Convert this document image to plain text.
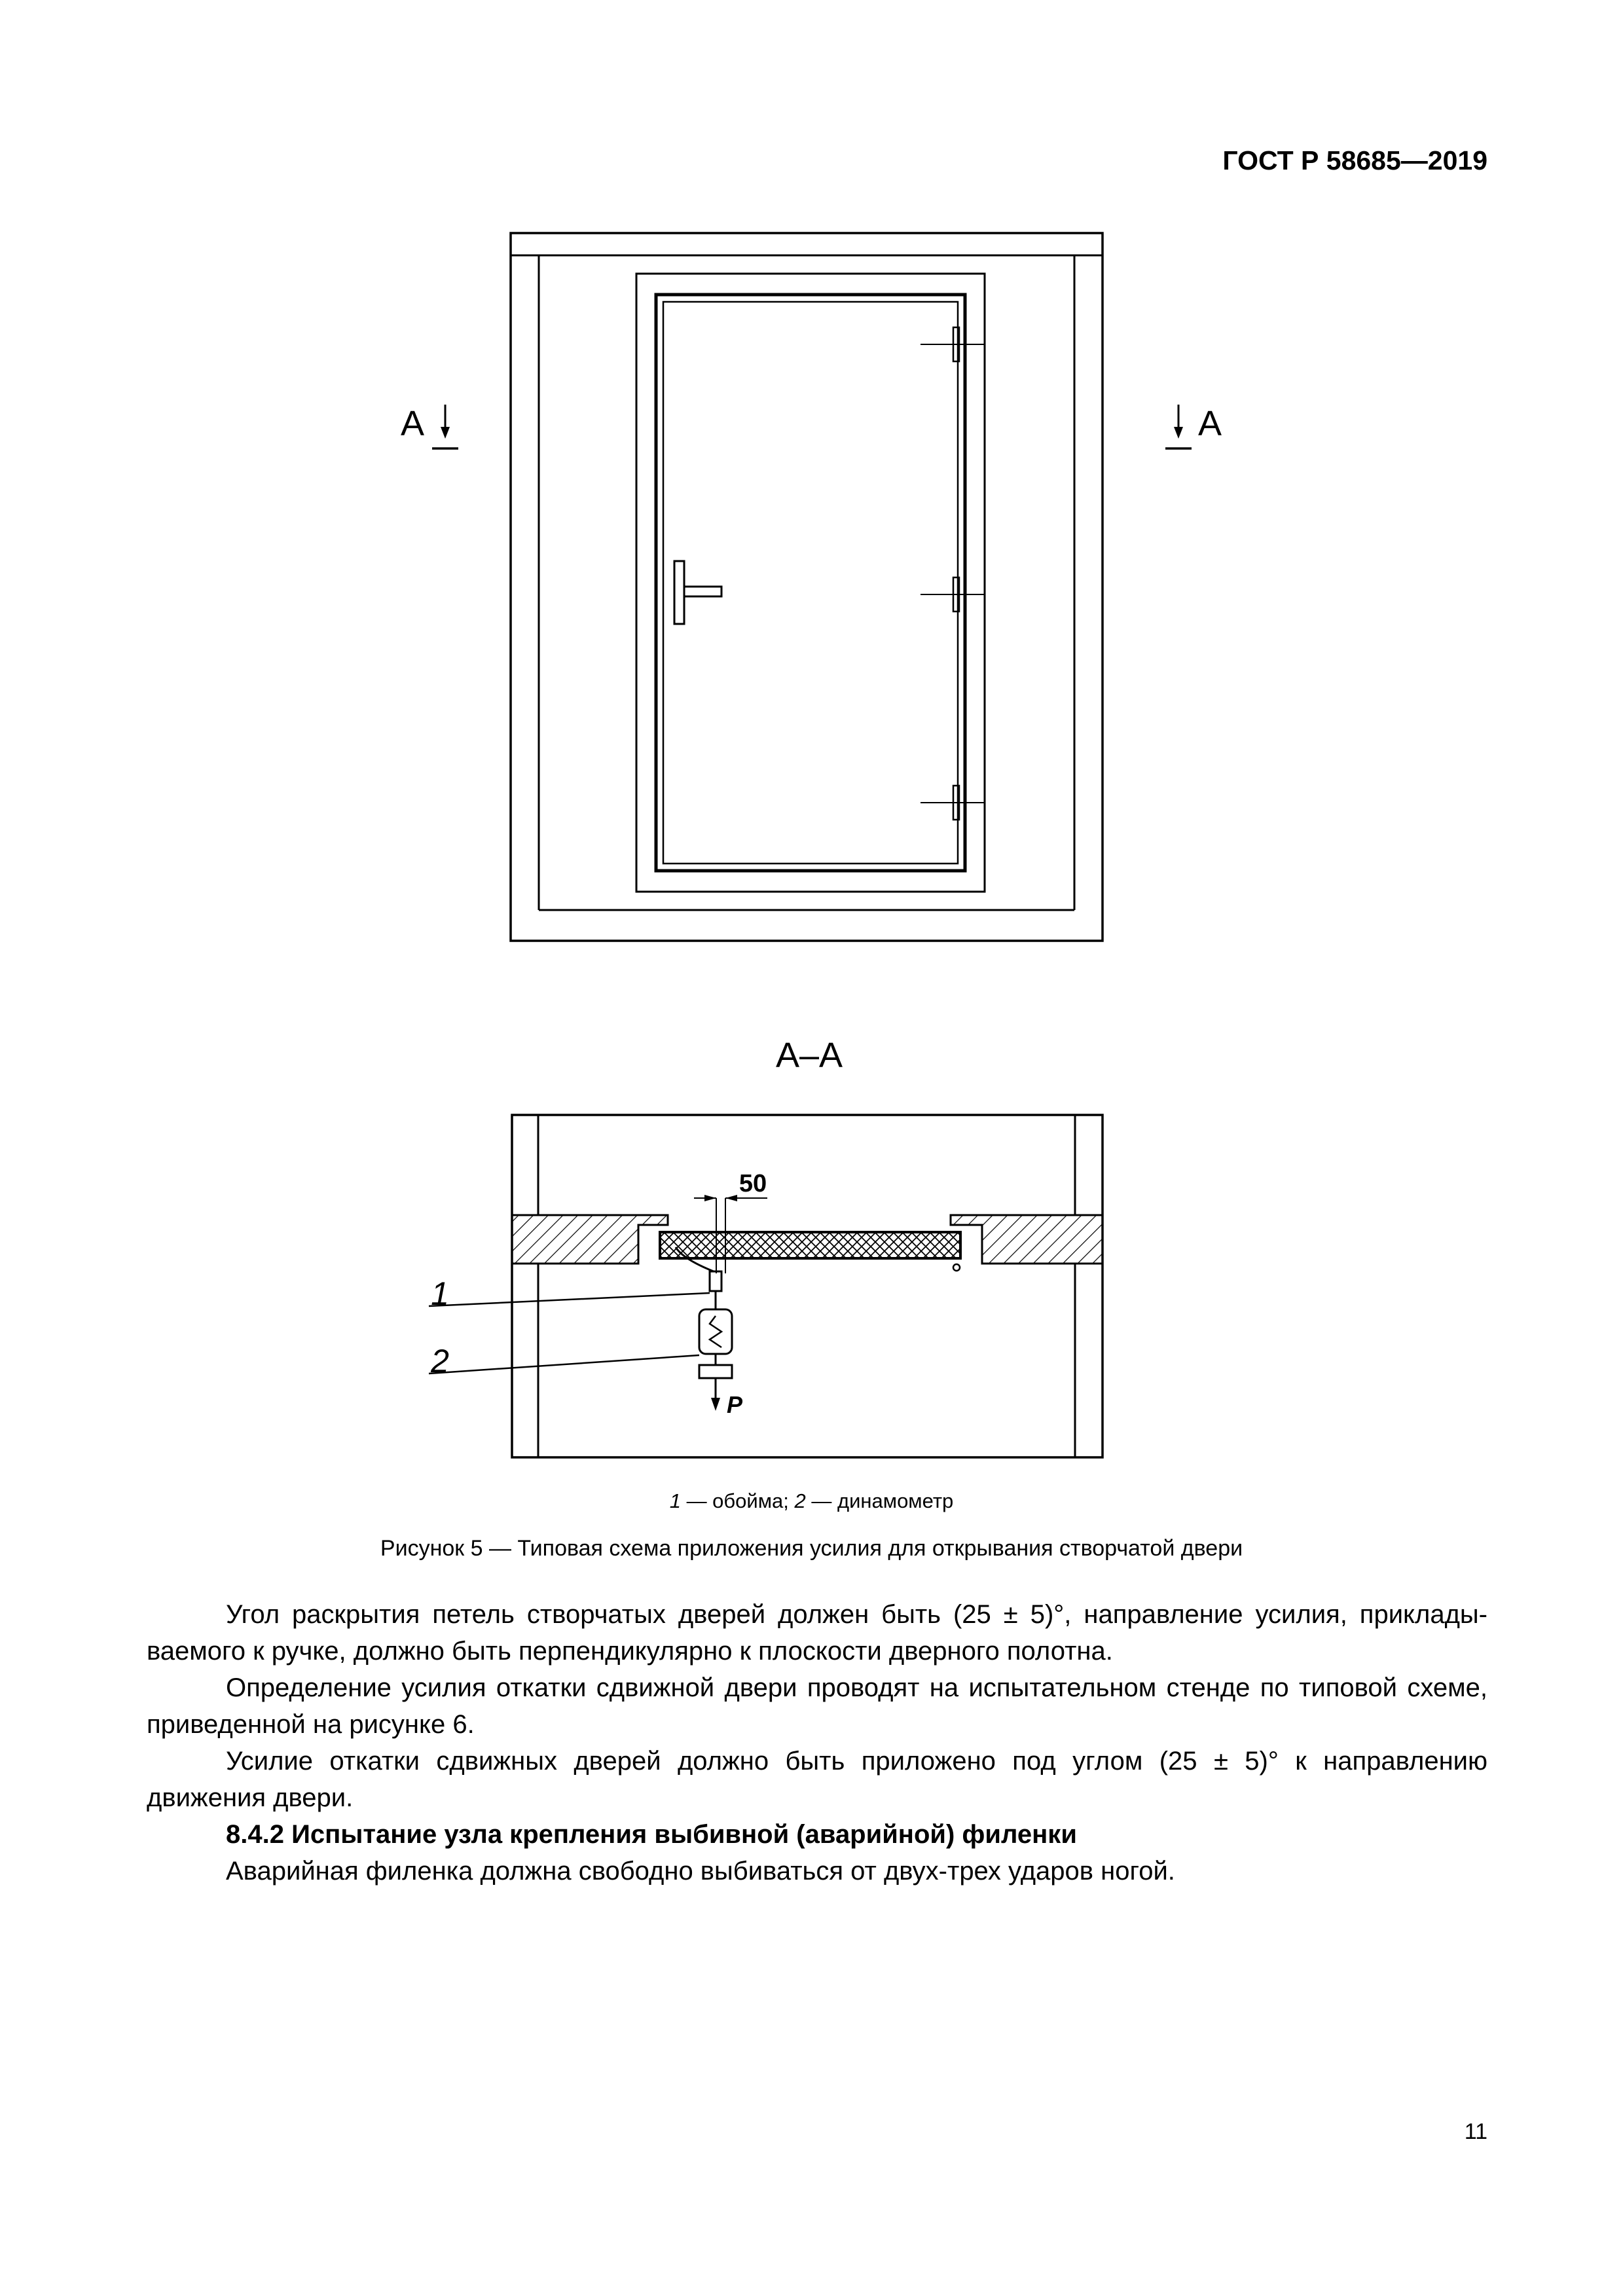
ГОСТ Р 58685—2019
А	А
А–А
50
1
2
P
1 — обойма; 2 — динамометр
Рисунок 5 — Типовая схема приложения усилия для открывания створчатой двери

Угол раскрытия петель створчатых дверей должен быть (25 ± 5)°, направление усилия, прикладываемого к ручке, должно быть перпендикулярно к плоскости дверного полотна.

Определение усилия откатки сдвижной двери проводят на испытательном стенде по типовой схеме, приведенной на рисунке 6.

Усилие откатки сдвижных дверей должно быть приложено под углом (25 ± 5)° к направлению движения двери.

8.4.2 Испытание узла крепления выбивной (аварийной) филенки

Аварийная филенка должна свободно выбиваться от двух-трех ударов ногой.

11
